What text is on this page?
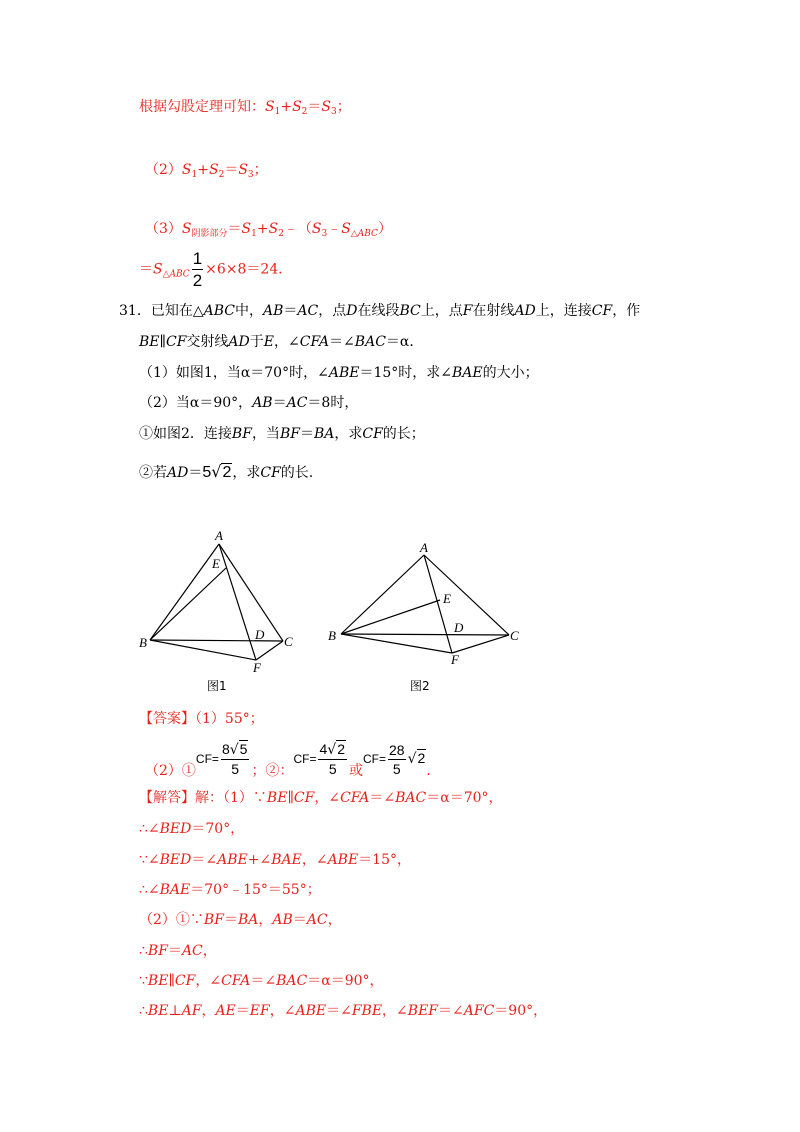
根据勾股定理可知：$S_1+S_2=S_3$；
$(2)S_1+S_2=S_3$；
$(3)S_{阴影部分}=S_1+S_2﹣(S_3﹣S_{\triangle ABC})$
$=S_{\triangle ABC} \frac{1}{2} \times 6\times 8=24$．
31．已知在△ABC中，AB＝AC，点D在线段BC上，点F在射线AD上，连接CF，作
BE∥CF交射线AD于E，∠CFA＝∠BAC＝α．
（1）如图1，当α＝70°时，∠ABE＝15°时，求∠BAE的大小；
（2）当α＝90°，AB＝AC＝8时，
①如图2．连接BF，当BF＝BA，求CF的长；
②若AD＝5√2，求CF的长.
A
E
B
D C
F
图1
A
E
B
D
C
F
图2
【答案】（1）55°；
（2）①CF= $\frac{8√5}{5}$ ；②：$CF= \frac{4√2}{5}$ 或$CF= \frac{28}{5} √2$.
【解答】解：（1）∵BE∥CF，∠CFA＝∠BAC＝α＝70°，
∴∠BED＝70°，
∵∠BED＝∠ABE+∠BAE，∠ABE＝15°，
∴∠BAE＝70°﹣15°＝55°；
（2）①∵BF＝BA，AB＝AC，
∴BF＝AC，
∵BE∥CF，∠CFA＝∠BAC＝α＝90°，
∴BE⊥AF，AE＝EF，∠ABE＝∠FBE，∠BEF＝∠AFC＝90°，
